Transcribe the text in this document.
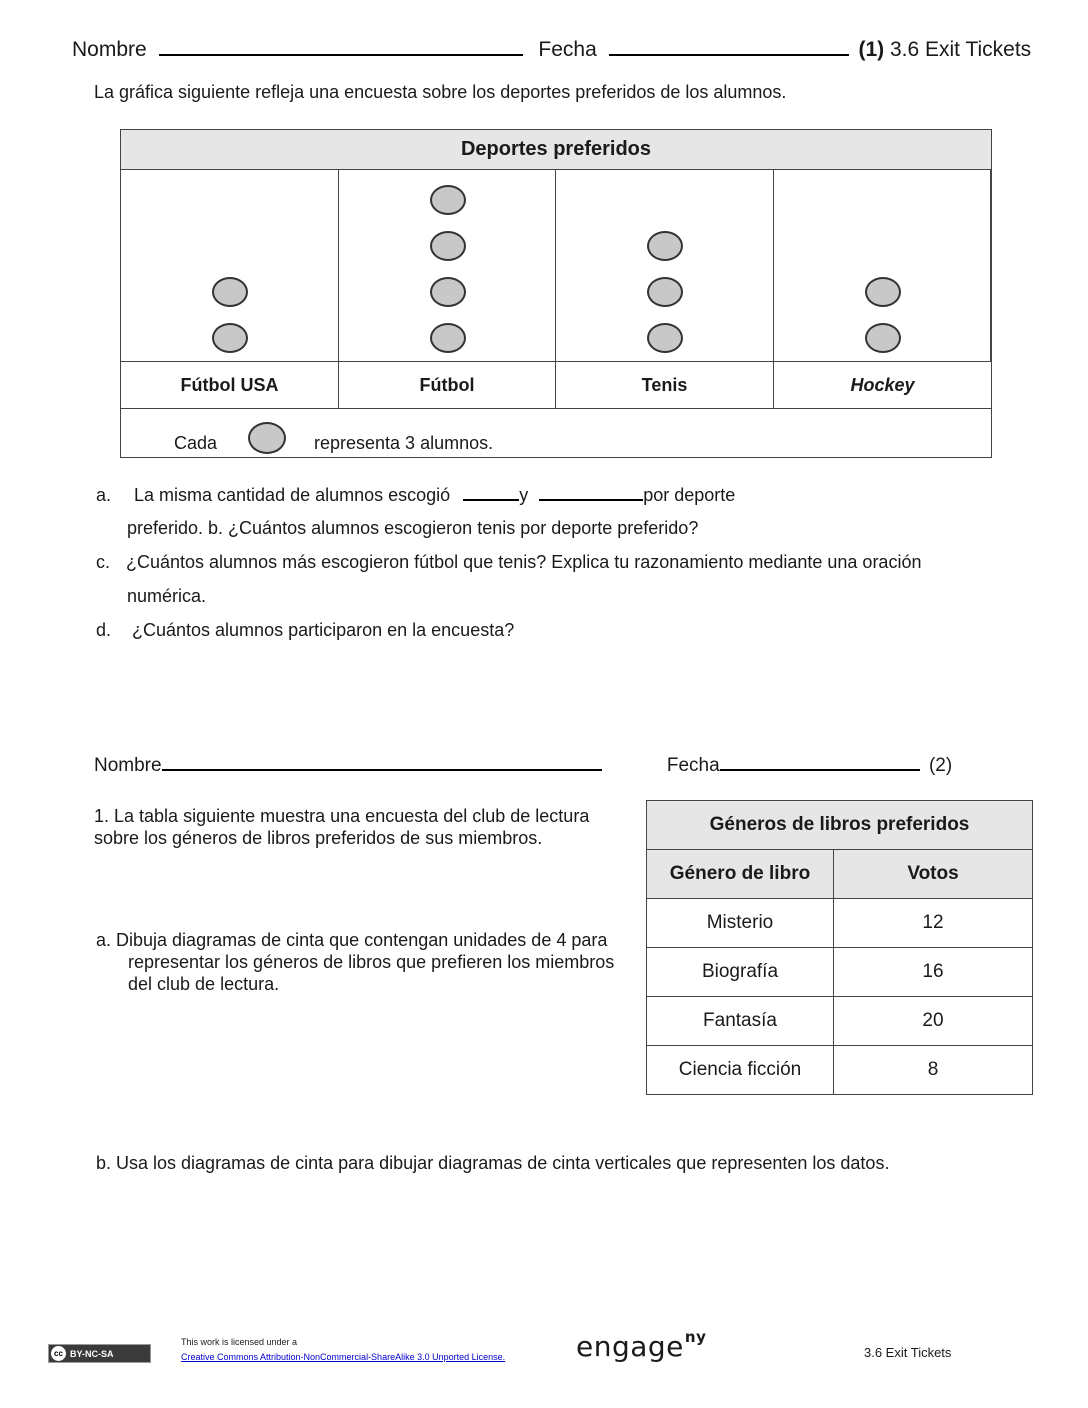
Nombre	Fecha	(1) 3.6 Exit Tickets
La gráfica siguiente refleja una encuesta sobre los deportes preferidos de los alumnos.
Deportes preferidos
Fútbol USA	Fútbol	Tenis	Hockey
Cada	representa 3 alumnos.
a. La misma cantidad de alumnos escogió	y	por deporte
preferido. b. ¿Cuántos alumnos escogieron tenis por deporte preferido?
c. ¿Cuántos alumnos más escogieron fútbol que tenis? Explica tu razonamiento mediante una oración
numérica.
d. ¿Cuántos alumnos participaron en la encuesta?
Nombre	Fecha	(2)
1. La tabla siguiente muestra una encuesta del club de lectura sobre los géneros de libros preferidos de sus miembros.
a. Dibuja diagramas de cinta que contengan unidades de 4 para representar los géneros de libros que prefieren los miembros del club de lectura.
Géneros de libros preferidos	
Género de libro	Votos
Misterio	12
Biografía	16
Fantasía	20
Ciencia ficción	8
b. Usa los diagramas de cinta para dibujar diagramas de cinta verticales que representen los datos.
cc BY-NC-SA
This work is licensed under a
Creative Commons Attribution-NonCommercial-ShareAlike 3.0 Unported License.	engage$^{ny}$
3.6 Exit Tickets
